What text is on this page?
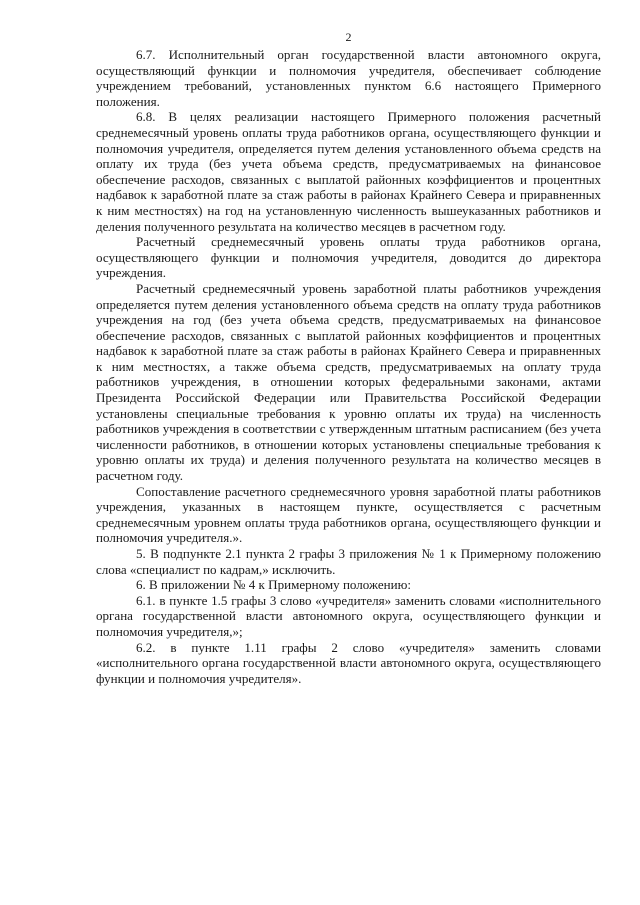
2

6.7. Исполнительный орган государственной власти автономного округа, осуществляющий функции и полномочия учредителя, обеспечивает соблюдение учреждением требований, установленных пунктом 6.6 настоящего Примерного положения.

6.8. В целях реализации настоящего Примерного положения расчетный среднемесячный уровень оплаты труда работников органа, осуществляющего функции и полномочия учредителя, определяется путем деления установленного объема средств на оплату их труда (без учета объема средств, предусматриваемых на финансовое обеспечение расходов, связанных с выплатой районных коэффициентов и процентных надбавок к заработной плате за стаж работы в районах Крайнего Севера и приравненных к ним местностях) на год на установленную численность вышеуказанных работников и деления полученного результата на количество месяцев в расчетном году.

Расчетный среднемесячный уровень оплаты труда работников органа, осуществляющего функции и полномочия учредителя, доводится до директора учреждения.

Расчетный среднемесячный уровень заработной платы работников учреждения определяется путем деления установленного объема средств на оплату труда работников учреждения на год (без учета объема средств, предусматриваемых на финансовое обеспечение расходов, связанных с выплатой районных коэффициентов и процентных надбавок к заработной плате за стаж работы в районах Крайнего Севера и приравненных к ним местностях, а также объема средств, предусматриваемых на оплату труда работников учреждения, в отношении которых федеральными законами, актами Президента Российской Федерации или Правительства Российской Федерации установлены специальные требования к уровню оплаты их труда) на численность работников учреждения в соответствии с утвержденным штатным расписанием (без учета численности работников, в отношении которых установлены специальные требования к уровню оплаты их труда) и деления полученного результата на количество месяцев в расчетном году.

Сопоставление расчетного среднемесячного уровня заработной платы работников учреждения, указанных в настоящем пункте, осуществляется с расчетным среднемесячным уровнем оплаты труда работников органа, осуществляющего функции и полномочия учредителя.».

5. В подпункте 2.1 пункта 2 графы 3 приложения № 1 к Примерному положению слова «специалист по кадрам,» исключить.

6. В приложении № 4 к Примерному положению:

6.1. в пункте 1.5 графы 3 слово «учредителя» заменить словами «исполнительного органа государственной власти автономного округа, осуществляющего функции и полномочия учредителя,»;

6.2. в пункте 1.11 графы 2 слово «учредителя» заменить словами «исполнительного органа государственной власти автономного округа, осуществляющего функции и полномочия учредителя».
